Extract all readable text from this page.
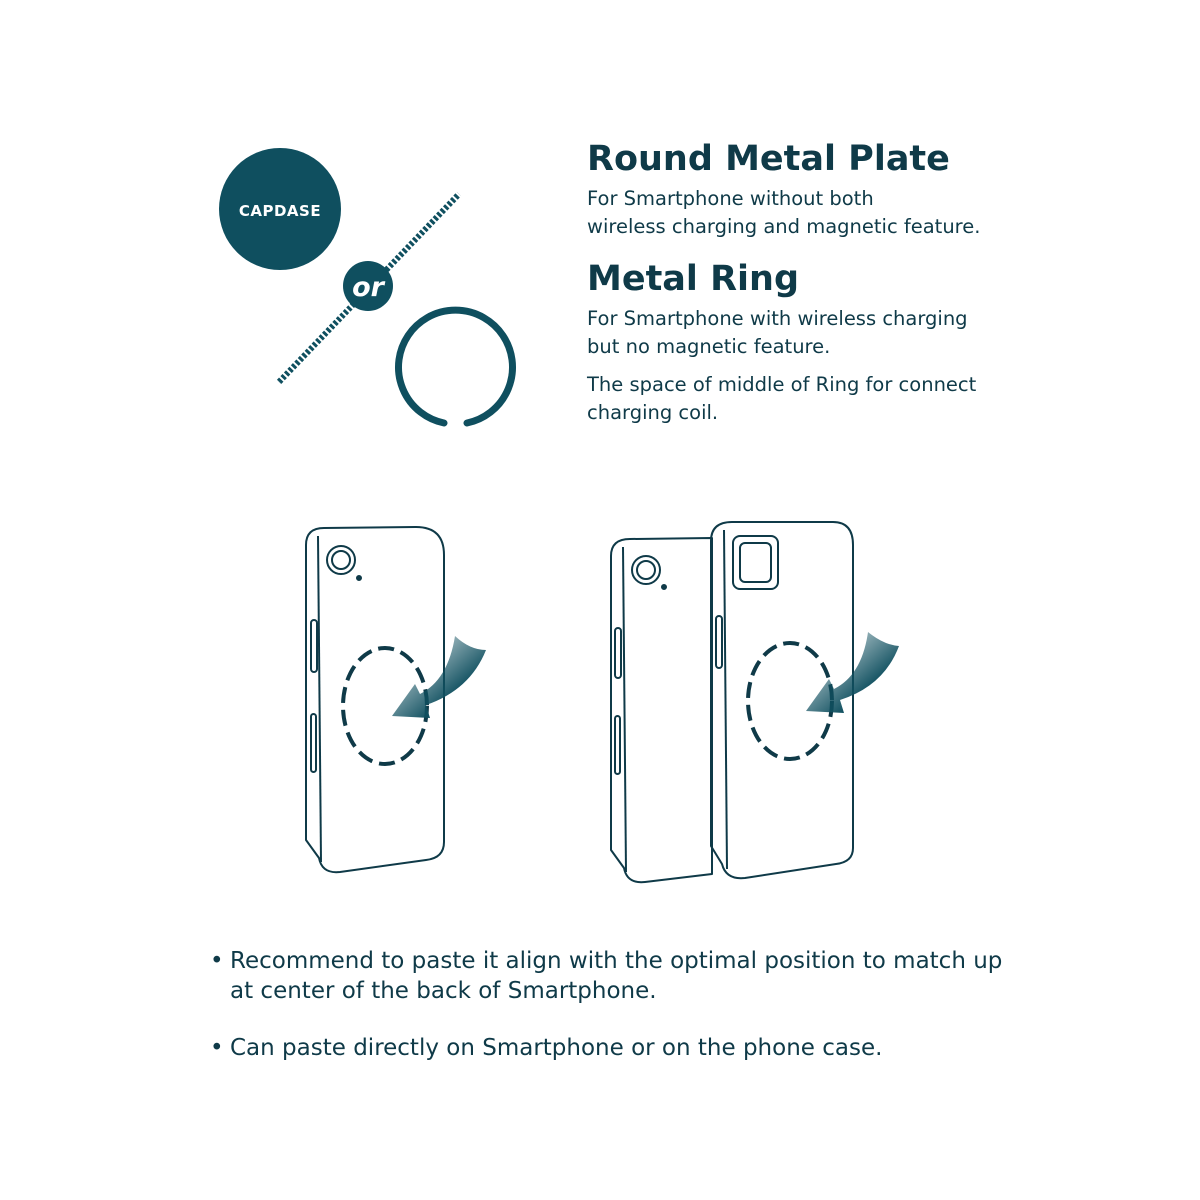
CAPDASE
or
Round Metal Plate

For Smartphone without both
wireless charging and magnetic feature.

Metal Ring

For Smartphone with wireless charging
but no magnetic feature.

The space of middle of Ring for connect
charging coil.

• Recommend to paste it align with the optimal position to match up at center of the back of Smartphone.
• Can paste directly on Smartphone or on the phone case.
